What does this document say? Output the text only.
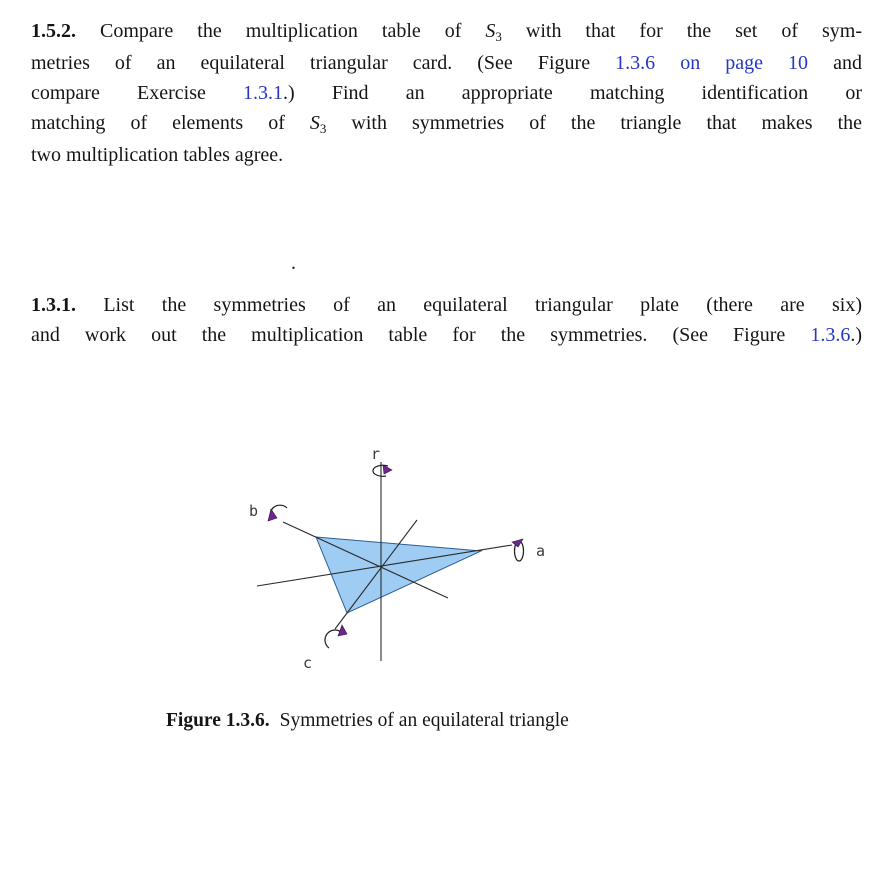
1.5.2. Compare the multiplication table of $S_3$ with that for the set of sym-
metries of an equilateral triangular card. (See Figure 1.3.6 on page 10 and
compare Exercise 1.3.1.) Find an appropriate matching identification or
matching of elements of $S_3$ with symmetries of the triangle that makes the
two multiplication tables agree.
.
1.3.1. List the symmetries of an equilateral triangular plate (there are six)
and work out the multiplication table for the symmetries. (See Figure 1.3.6.)
r
a
b
c
Figure 1.3.6. Symmetries of an equilateral triangle
